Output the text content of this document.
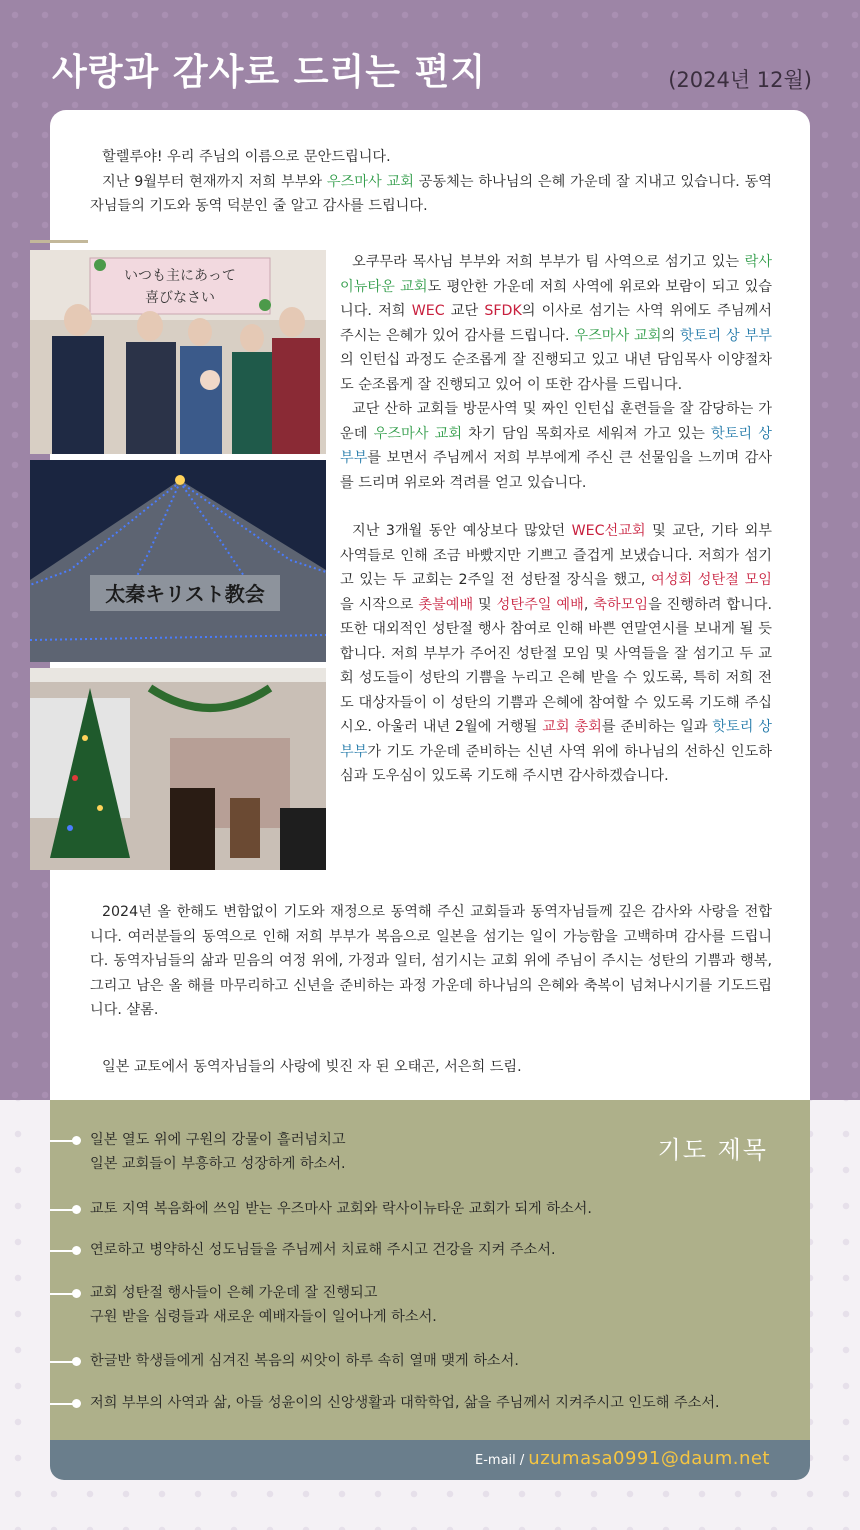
사랑과 감사로 드리는 편지	(2024년 12월)
할렐루야! 우리 주님의 이름으로 문안드립니다.
지난 9월부터 현재까지 저희 부부와 우즈마사 교회 공동체는 하나님의 은혜 가운데 잘 지내고 있습니다. 동역자님들의 기도와 동역 덕분인 줄 알고 감사를 드립니다.
いつも主にあって
喜びなさい
太秦キリスト教会
오쿠무라 목사님 부부와 저희 부부가 팀 사역으로 섬기고 있는 락사이뉴타운 교회도 평안한 가운데 저희 사역에 위로와 보람이 되고 있습니다. 저희 WEC 교단 SFDK의 이사로 섬기는 사역 위에도 주님께서 주시는 은혜가 있어 감사를 드립니다. 우즈마사 교회의 핫토리 상 부부의 인턴십 과정도 순조롭게 잘 진행되고 있고 내년 담임목사 이양절차도 순조롭게 잘 진행되고 있어 이 또한 감사를 드립니다.
교단 산하 교회들 방문사역 및 짜인 인턴십 훈련들을 잘 감당하는 가운데 우즈마사 교회 차기 담임 목회자로 세워져 가고 있는 핫토리 상 부부를 보면서 주님께서 저희 부부에게 주신 큰 선물임을 느끼며 감사를 드리며 위로와 격려를 얻고 있습니다.
지난 3개월 동안 예상보다 많았던 WEC선교회 및 교단, 기타 외부 사역들로 인해 조금 바빴지만 기쁘고 즐겁게 보냈습니다. 저희가 섬기고 있는 두 교회는 2주일 전 성탄절 장식을 했고, 여성회 성탄절 모임을 시작으로 촛불예배 및 성탄주일 예배, 축하모임을 진행하려 합니다. 또한 대외적인 성탄절 행사 참여로 인해 바쁜 연말연시를 보내게 될 듯합니다. 저희 부부가 주어진 성탄절 모임 및 사역들을 잘 섬기고 두 교회 성도들이 성탄의 기쁨을 누리고 은혜 받을 수 있도록, 특히 저희 전도 대상자들이 이 성탄의 기쁨과 은혜에 참여할 수 있도록 기도해 주십시오. 아울러 내년 2월에 거행될 교회 총회를 준비하는 일과 핫토리 상 부부가 기도 가운데 준비하는 신년 사역 위에 하나님의 선하신 인도하심과 도우심이 있도록 기도해 주시면 감사하겠습니다.
2024년 올 한해도 변함없이 기도와 재정으로 동역해 주신 교회들과 동역자님들께 깊은 감사와 사랑을 전합니다. 여러분들의 동역으로 인해 저희 부부가 복음으로 일본을 섬기는 일이 가능함을 고백하며 감사를 드립니다. 동역자님들의 삶과 믿음의 여정 위에, 가정과 일터, 섬기시는 교회 위에 주님이 주시는 성탄의 기쁨과 행복, 그리고 남은 올 해를 마무리하고 신년을 준비하는 과정 가운데 하나님의 은혜와 축복이 넘쳐나시기를 기도드립니다. 샬롬.
일본 교토에서 동역자님들의 사랑에 빚진 자 된 오태곤, 서은희 드림.
기도 제목
일본 열도 위에 구원의 강물이 흘러넘치고
일본 교회들이 부흥하고 성장하게 하소서.
교토 지역 복음화에 쓰임 받는 우즈마사 교회와 락사이뉴타운 교회가 되게 하소서.
연로하고 병약하신 성도님들을 주님께서 치료해 주시고 건강을 지켜 주소서.
교회 성탄절 행사들이 은혜 가운데 잘 진행되고
구원 받을 심령들과 새로운 예배자들이 일어나게 하소서.
한글반 학생들에게 심겨진 복음의 씨앗이 하루 속히 열매 맺게 하소서.
저희 부부의 사역과 삶, 아들 성윤이의 신앙생활과 대학학업, 삶을 주님께서 지켜주시고 인도해 주소서.
E-mail / uzumasa0991@daum.net
